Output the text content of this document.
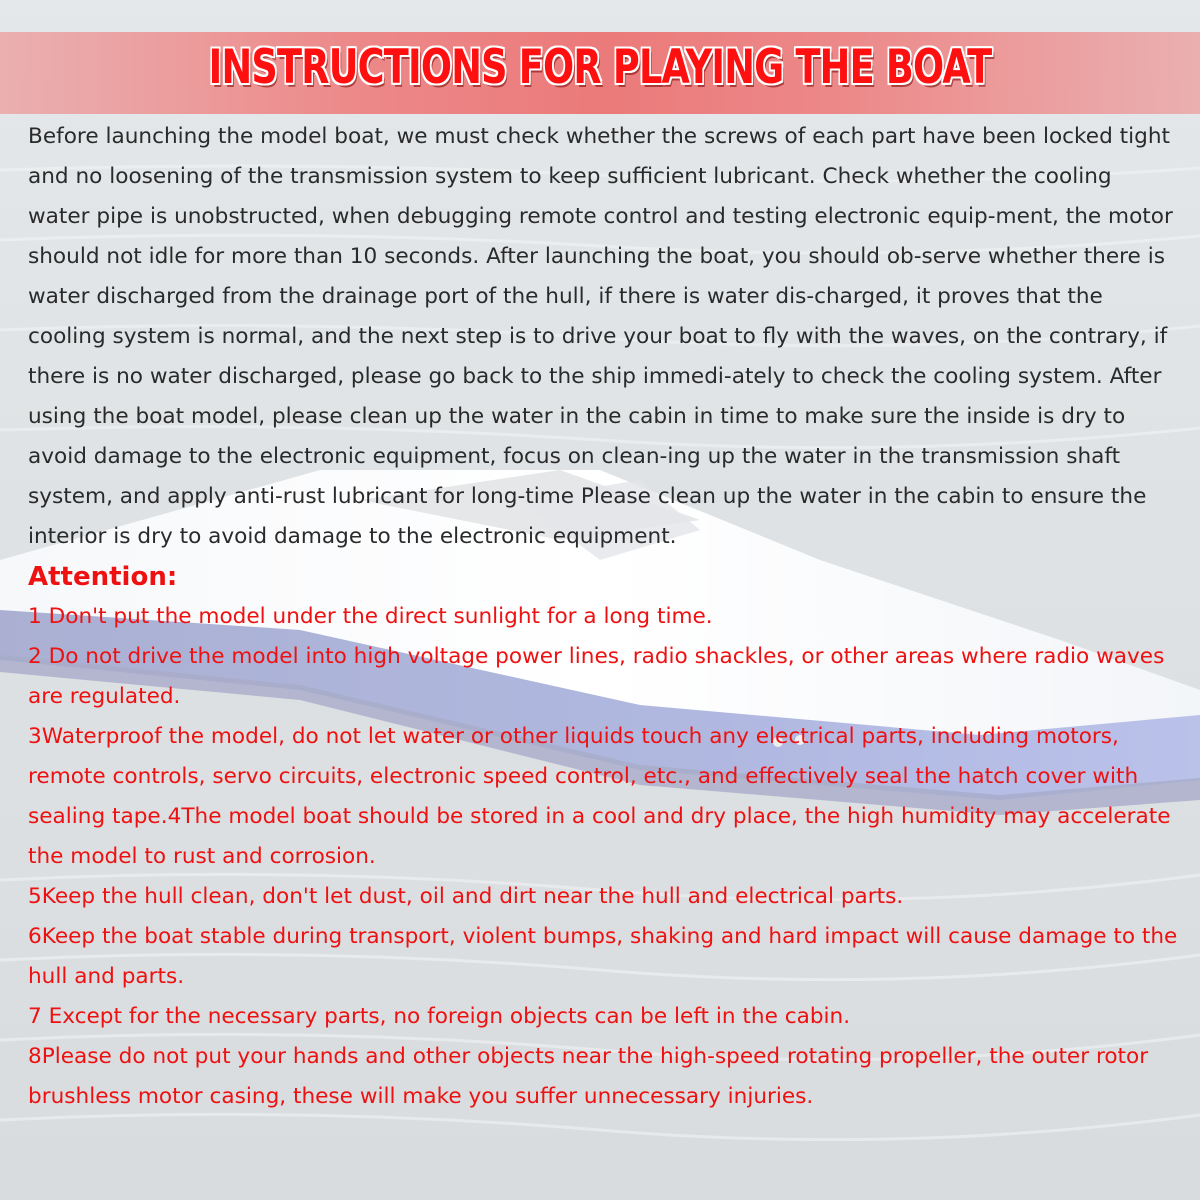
INSTRUCTIONS FOR PLAYING THE BOAT

Before launching the model boat, we must check whether the screws of each part have been locked tight and no loosening of the transmission system to keep sufficient lubricant. Check whether the cooling water pipe is unobstructed, when debugging remote control and testing electronic equip-ment, the motor should not idle for more than 10 seconds. After launching the boat, you should ob-serve whether there is water discharged from the drainage port of the hull, if there is water dis-charged, it proves that the cooling system is normal, and the next step is to drive your boat to fly with the waves, on the contrary, if there is no water discharged, please go back to the ship immedi-ately to check the cooling system. After using the boat model, please clean up the water in the cabin in time to make sure the inside is dry to avoid damage to the electronic equipment, focus on clean-ing up the water in the transmission shaft system, and apply anti-rust lubricant for long-time Please clean up the water in the cabin to ensure the interior is dry to avoid damage to the electronic equipment.

Attention:

1 Don't put the model under the direct sunlight for a long time.
2 Do not drive the model into high voltage power lines, radio shackles, or other areas where radio waves are regulated.
3Waterproof the model, do not let water or other liquids touch any electrical parts, including motors, remote controls, servo circuits, electronic speed control, etc., and effectively seal the hatch cover with sealing tape.4The model boat should be stored in a cool and dry place, the high humidity may accelerate the model to rust and corrosion.
5Keep the hull clean, don't let dust, oil and dirt near the hull and electrical parts.
6Keep the boat stable during transport, violent bumps, shaking and hard impact will cause damage to the hull and parts.
7 Except for the necessary parts, no foreign objects can be left in the cabin.
8Please do not put your hands and other objects near the high-speed rotating propeller, the outer rotor brushless motor casing, these will make you suffer unnecessary injuries.
